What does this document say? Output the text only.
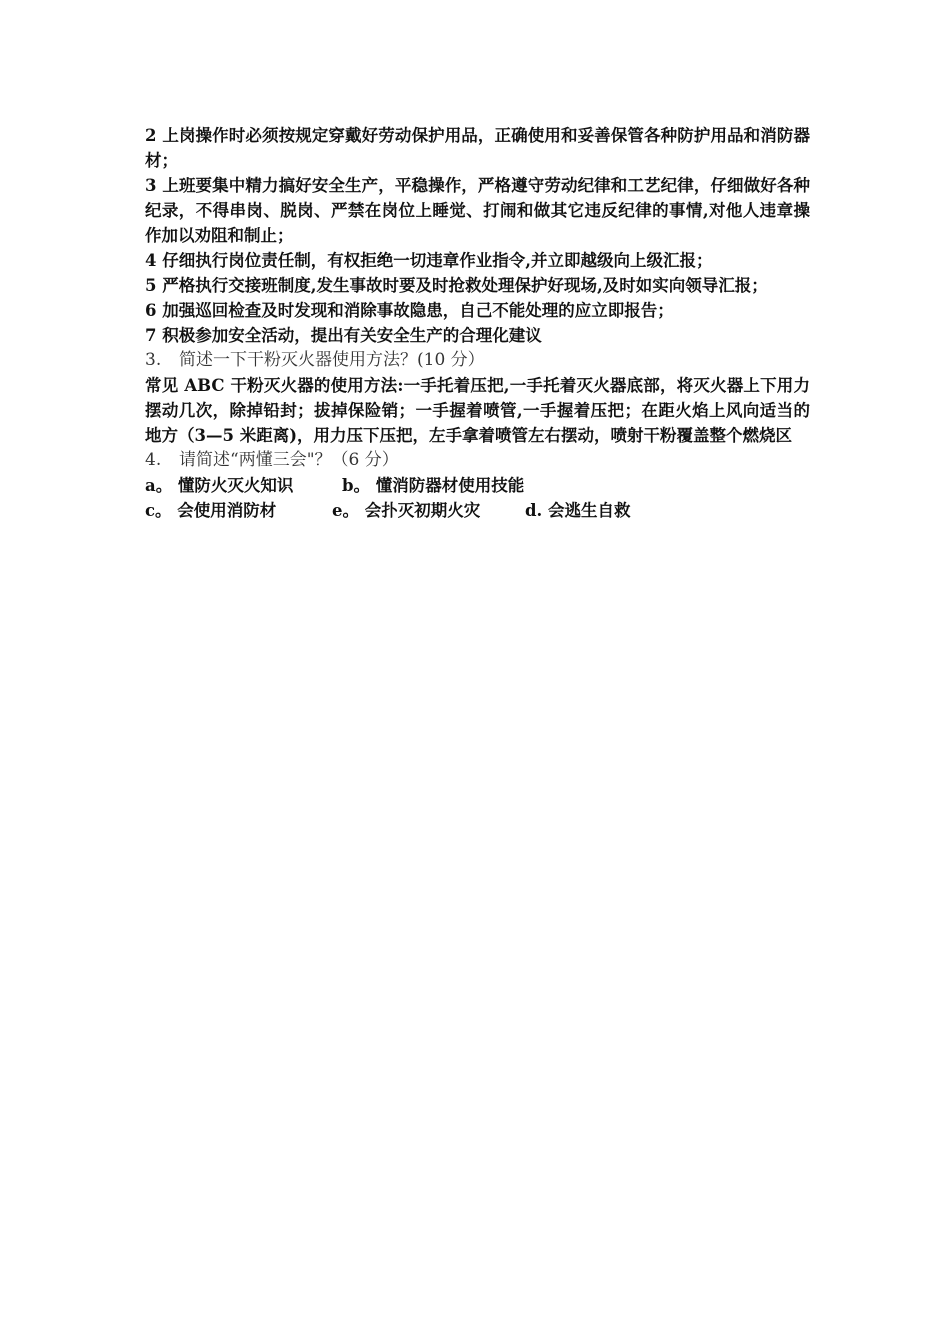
2 上岗操作时必须按规定穿戴好劳动保护用品，正确使用和妥善保管各种防护用品和消防器材；

3 上班要集中精力搞好安全生产，平稳操作，严格遵守劳动纪律和工艺纪律，仔细做好各种纪录，不得串岗、脱岗、严禁在岗位上睡觉、打闹和做其它违反纪律的事情,对他人违章操作加以劝阻和制止；

4 仔细执行岗位责任制，有权拒绝一切违章作业指令,并立即越级向上级汇报；

5 严格执行交接班制度,发生事故时要及时抢救处理保护好现场,及时如实向领导汇报；

6 加强巡回检查及时发现和消除事故隐患，自己不能处理的应立即报告；

7 积极参加安全活动，提出有关安全生产的合理化建议

3. 简述一下干粉灭火器使用方法？(10 分）

常见 ABC 干粉灭火器的使用方法:一手托着压把,一手托着灭火器底部，将灭火器上下用力摆动几次，除掉铅封；拔掉保险销；一手握着喷管,一手握着压把；在距火焰上风向适当的地方（3—5 米距离)，用力压下压把，左手拿着喷管左右摆动，喷射干粉覆盖整个燃烧区

4. 请简述“两懂三会"？（6 分）

a。 懂防火灭火知识	b。 懂消防器材使用技能
c。 会使用消防材	e。 会扑灭初期火灾	d. 会逃生自救
